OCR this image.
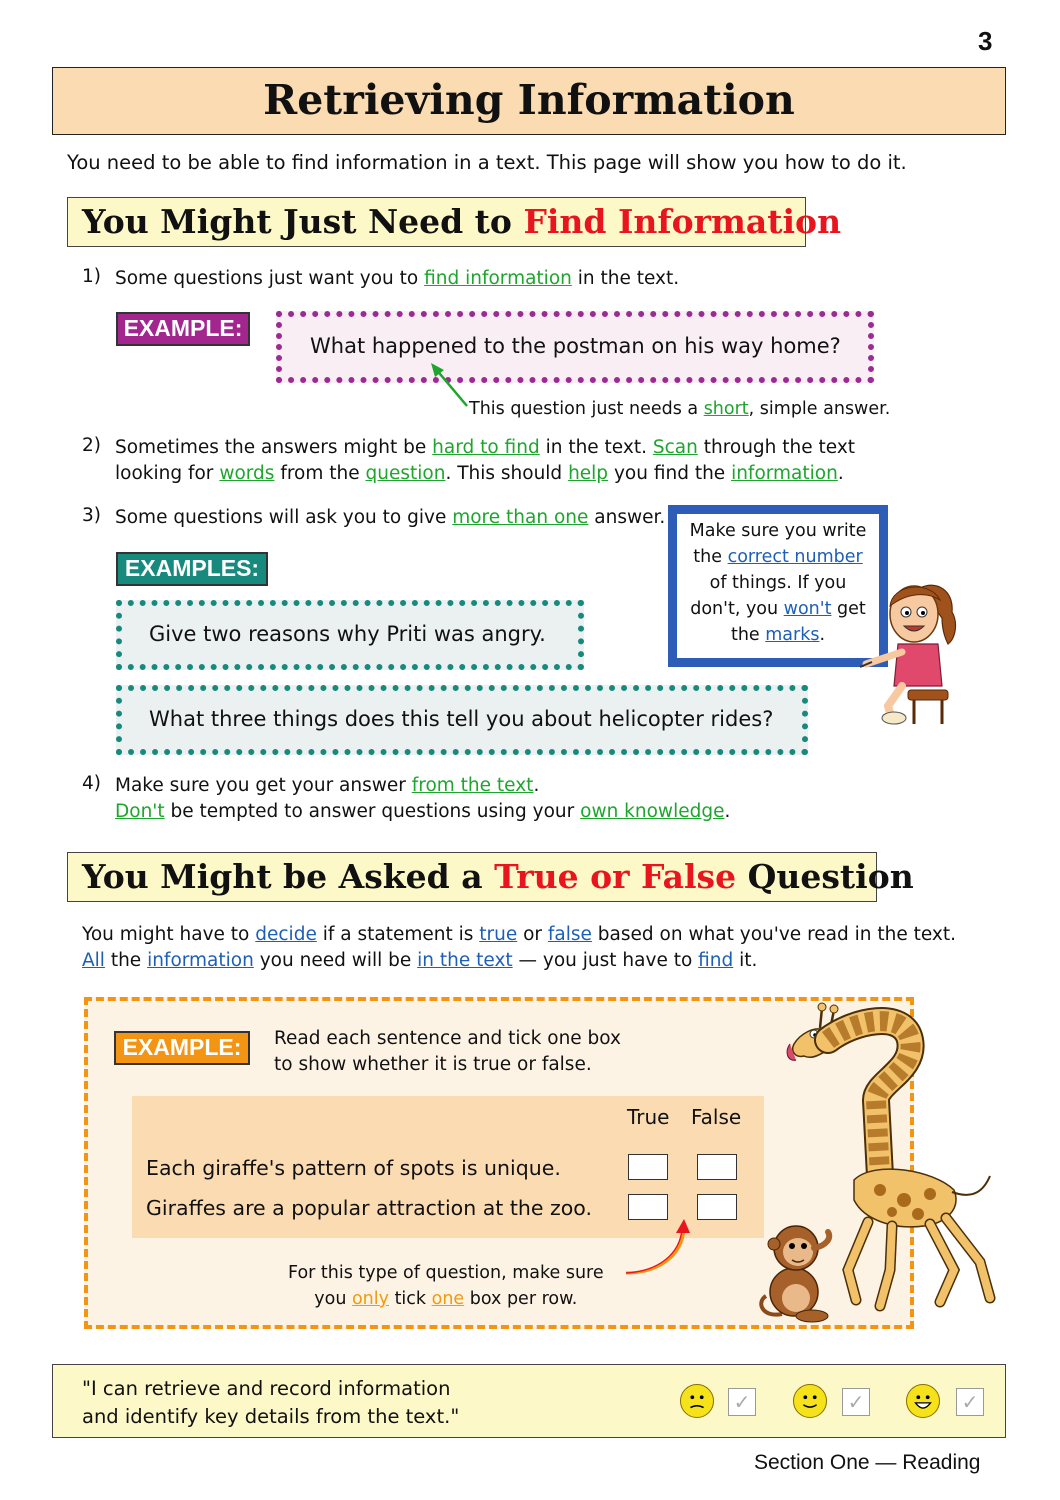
3
Retrieving Information
You need to be able to find information in a text. This page will show you how to do it.
You Might Just Need to Find Information
1) Some questions just want you to find information in the text.
EXAMPLE:
What happened to the postman on his way home?
This question just needs a short, simple answer.
2) Sometimes the answers might be hard to find in the text. Scan through the text
looking for words from the question. This should help you find the information.
3) Some questions will ask you to give more than one answer.
EXAMPLES:
Give two reasons why Priti was angry.
What three things does this tell you about helicopter rides?
Make sure you write
the correct number
of things. If you
don't, you won't get
the marks.
4) Make sure you get your answer from the text.
Don't be tempted to answer questions using your own knowledge.
You Might be Asked a True or False Question
You might have to decide if a statement is true or false based on what you've read in the text.
All the information you need will be in the text — you just have to find it.
EXAMPLE:	Read each sentence and tick one box
to show whether it is true or false.
True False
Each giraffe's pattern of spots is unique.
Giraffes are a popular attraction at the zoo.
For this type of question, make sure
you only tick one box per row.
"I can retrieve and record information
and identify key details from the text."
✓	✓	✓
Section One — Reading
